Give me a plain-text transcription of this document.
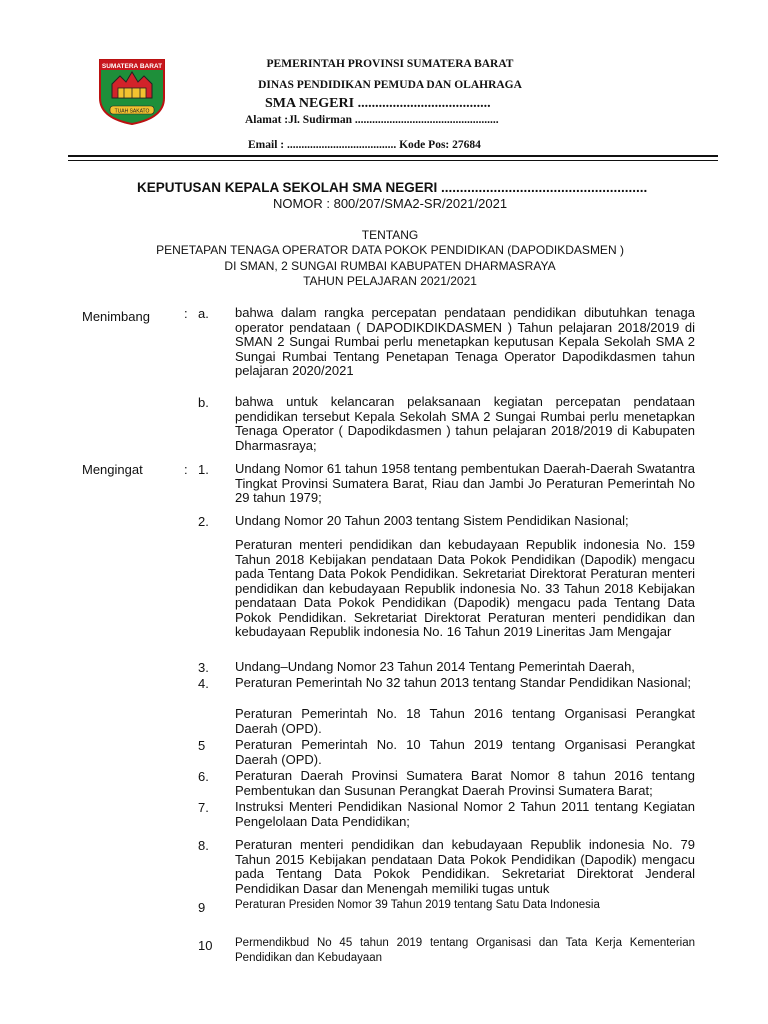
SUMATERA BARAT
TUAH SAKATO
PEMERINTAH PROVINSI SUMATERA BARAT
DINAS PENDIDIKAN PEMUDA DAN OLAHRAGA
SMA NEGERI ......................................
Alamat :Jl. Sudirman ..................................................
Email : ...................................... Kode Pos: 27684
KEPUTUSAN KEPALA SEKOLAH SMA NEGERI .......................................................
NOMOR : 800/207/SMA2-SR/2021/2021
TENTANG
PENETAPAN TENAGA OPERATOR DATA POKOK PENDIDIKAN (DAPODIKDASMEN )
DI SMAN, 2 SUNGAI RUMBAI KABUPATEN DHARMASRAYA
TAHUN PELAJARAN 2021/2021
Menimbang	: a. bahwa dalam rangka percepatan pendataan pendidikan dibutuhkan tenaga operator pendataan ( DAPODIKDIKDASMEN ) Tahun pelajaran 2018/2019 di SMAN 2 Sungai Rumbai perlu menetapkan keputusan Kepala Sekolah SMA 2 Sungai Rumbai Tentang Penetapan Tenaga Operator Dapodikdasmen tahun pelajaran 2020/2021
b. bahwa untuk kelancaran pelaksanaan kegiatan percepatan pendataan pendidikan tersebut Kepala Sekolah SMA 2 Sungai Rumbai perlu menetapkan Tenaga Operator ( Dapodikdasmen ) tahun pelajaran 2018/2019 di Kabupaten Dharmasraya;
Mengingat	: 1. Undang Nomor 61 tahun 1958 tentang pembentukan Daerah-Daerah Swatantra Tingkat Provinsi Sumatera Barat, Riau dan Jambi Jo Peraturan Pemerintah No 29 tahun 1979;
2. Undang Nomor 20 Tahun 2003 tentang Sistem Pendidikan Nasional;
Peraturan menteri pendidikan dan kebudayaan Republik indonesia No. 159 Tahun 2018 Kebijakan pendataan Data Pokok Pendidikan (Dapodik) mengacu pada Tentang Data Pokok Pendidikan. Sekretariat Direktorat Peraturan menteri pendidikan dan kebudayaan Republik indonesia No. 33 Tahun 2018 Kebijakan pendataan Data Pokok Pendidikan (Dapodik) mengacu pada Tentang Data Pokok Pendidikan. Sekretariat Direktorat Peraturan menteri pendidikan dan kebudayaan Republik indonesia No. 16 Tahun 2019 Lineritas Jam Mengajar
3. Undang–Undang Nomor 23 Tahun 2014 Tentang Pemerintah Daerah,
4. Peraturan Pemerintah No 32 tahun 2013 tentang Standar Pendidikan Nasional;
Peraturan Pemerintah No. 18 Tahun 2016 tentang Organisasi Perangkat Daerah (OPD).
5 Peraturan Pemerintah No. 10 Tahun 2019 tentang Organisasi Perangkat Daerah (OPD).
6. Peraturan Daerah Provinsi Sumatera Barat Nomor 8 tahun 2016 tentang Pembentukan dan Susunan Perangkat Daerah Provinsi Sumatera Barat;
7. Instruksi Menteri Pendidikan Nasional Nomor 2 Tahun 2011 tentang Kegiatan Pengelolaan Data Pendidikan;
8. Peraturan menteri pendidikan dan kebudayaan Republik indonesia No. 79 Tahun 2015 Kebijakan pendataan Data Pokok Pendidikan (Dapodik) mengacu pada Tentang Data Pokok Pendidikan. Sekretariat Direktorat Jenderal Pendidikan Dasar dan Menengah memiliki tugas untuk
9	Peraturan Presiden Nomor 39 Tahun 2019 tentang Satu Data Indonesia
10 Permendikbud No 45 tahun 2019 tentang Organisasi dan Tata Kerja Kementerian Pendidikan dan Kebudayaan
